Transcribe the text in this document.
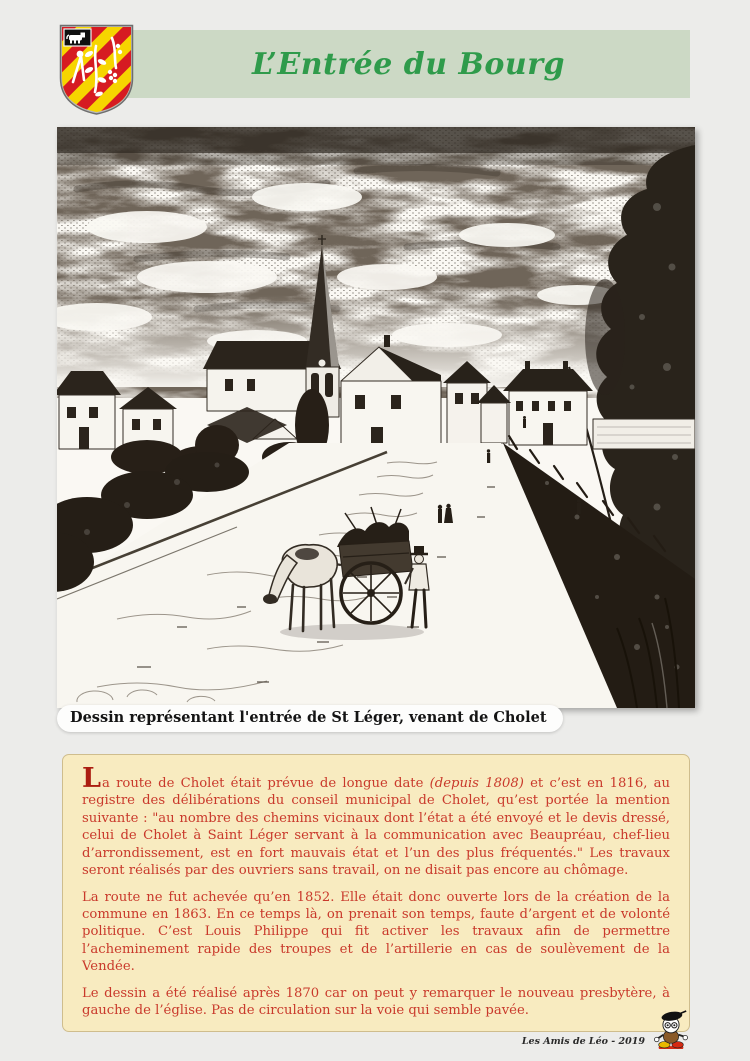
L’Entrée du Bourg
Dessin représentant l'entrée de St Léger, venant de Cholet

La route de Cholet était prévue de longue date (depuis 1808) et c’est en 1816, au registre des délibérations du conseil municipal de Cholet, qu’est portée la mention suivante : "au nombre des chemins vicinaux dont l’état a été envoyé et le devis dressé, celui de Cholet à Saint Léger servant à la communication avec Beaupréau, chef-lieu d’arrondissement, est en fort mauvais état et l’un des plus fréquentés." Les travaux seront réalisés par des ouvriers sans travail, on ne disait pas encore au chômage.

La route ne fut achevée qu’en 1852. Elle était donc ouverte lors de la création de la commune en 1863. En ce temps là, on prenait son temps, faute d’argent et de volonté politique. C’est Louis Philippe qui fit activer les travaux afin de permettre l’acheminement rapide des troupes et de l’artillerie en cas de soulèvement de la Vendée.

Le dessin a été réalisé après 1870 car on peut y remarquer le nouveau presbytère, à gauche de l’église. Pas de circulation sur la voie qui semble pavée.

Les Amis de Léo - 2019
